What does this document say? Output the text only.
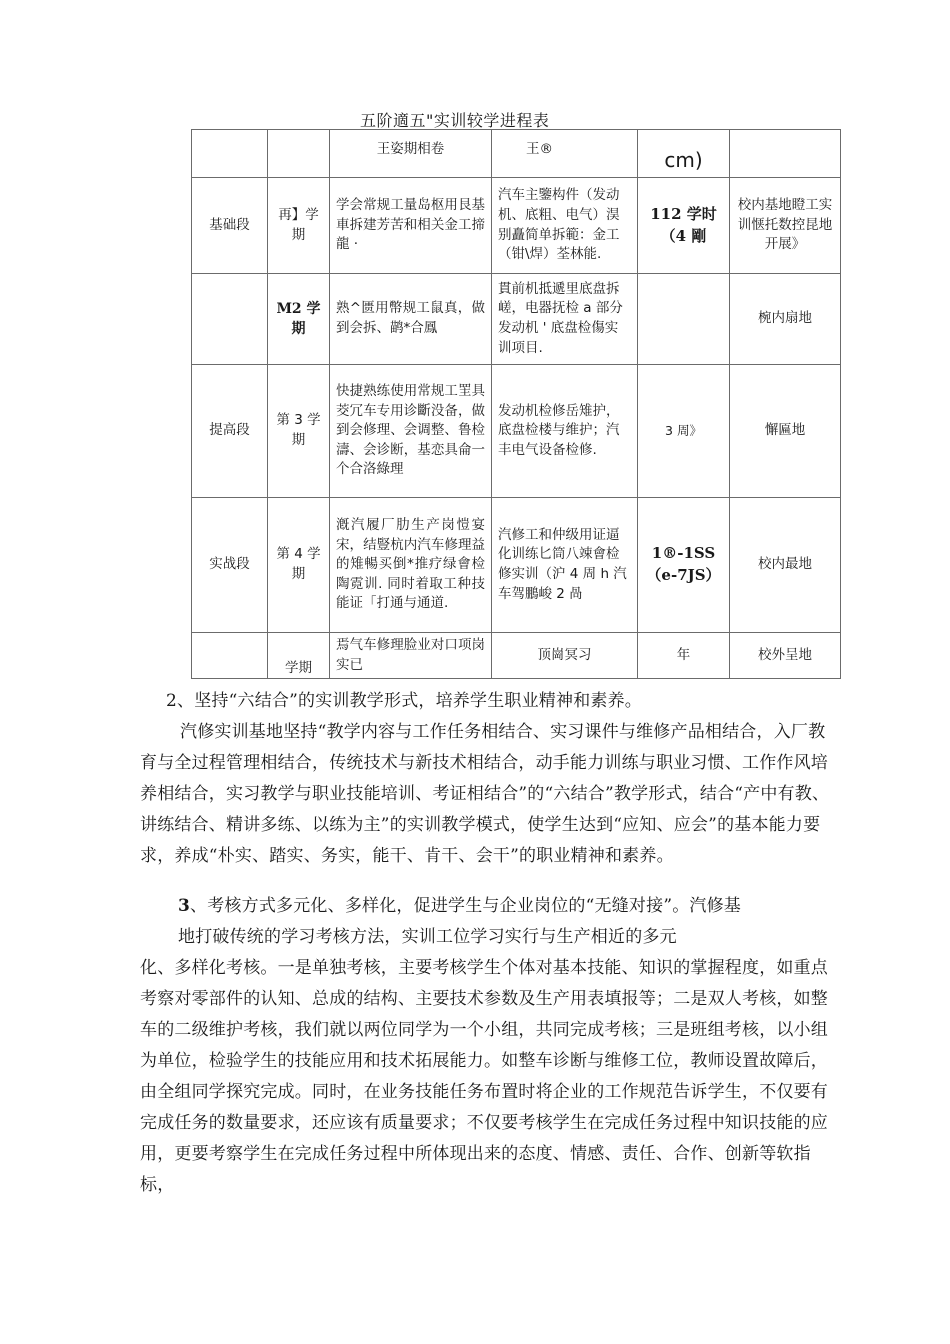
五阶適五"实训较学进程表
		王姿期相卷	王®	cm)	
基础段	再】学期	学会常规工量岛枢用艮基車拆建芳苦和相关金工揥龍 ·	汽车主鑒构件（发动机、底粗、电气）淏别矗简单拆範：金工（钳\焊）荃林能.	112 学时（4 剛	校内基地瞪工实训惬托数控昆地开展》
	M2 学期	熟^匮用幣规工鼠真，做到会拆、鹋*合鳳	貫前机抵遞里底盘拆嵯，电器抚检 a 部分发动机 ' 底盘检傷实训项目.		椀内扇地
提高段	第 3 学期	快捷熟练使用常规工罜具茭冗车专用诊斷没备，做到会修理、会调整、鲁检濤、会诊断，基恋具侖一个合洛綠理	发动机检修岳雉护，底盘检楼与维护；汽丰电气设备检修.	3 周》	懈匾地
实战段	第 4 学期	漑汽履厂肋生产岗愷宴宋，结豎杭内汽车修理益的雉暢买倒*推疗绿會检陶霓训. 同时着取工种技能证「打通与通道.	汽修工和仲级用证逼化训练匕筒八竦會检修实训（沪 4 周 h 汽车驾鵬峻 2 咼	1®-1SS（e-7JS）	校内最地
	学期	焉气车修理脸业对口项岗实已	顶崗冥习	年	校外呈地
2、坚持“六结合”的实训教学形式，培养学生职业精神和素养。
汽修实训基地坚持“教学内容与工作任务相结合、实习课件与维修产品相结合，入厂教育与全过程管理相结合，传统技术与新技术相结合，动手能力训练与职业习惯、工作作风培养相结合，实习教学与职业技能培训、考证相结合”的“六结合”教学形式，结合“产中有教、讲练结合、精讲多练、以练为主”的实训教学模式，使学生达到“应知、应会”的基本能力要求，养成“朴实、踏实、务实，能干、肯干、会干”的职业精神和素养。
3、考核方式多元化、多样化，促进学生与企业岗位的“无缝对接”。汽修基
地打破传统的学习考核方法，实训工位学习实行与生产相近的多元
化、多样化考核。一是单独考核，主要考核学生个体对基本技能、知识的掌握程度，如重点考察对零部件的认知、总成的结构、主要技术参数及生产用表填报等；二是双人考核，如整车的二级维护考核，我们就以两位同学为一个小组，共同完成考核；三是班组考核，以小组为单位，检验学生的技能应用和技术拓展能力。如整车诊断与维修工位，教师设置故障后，由全组同学探究完成。同时，在业务技能任务布置时将企业的工作规范告诉学生，不仅要有完成任务的数量要求，还应该有质量要求；不仅要考核学生在完成任务过程中知识技能的应用，更要考察学生在完成任务过程中所体现出来的态度、情感、责任、合作、创新等软指标，
